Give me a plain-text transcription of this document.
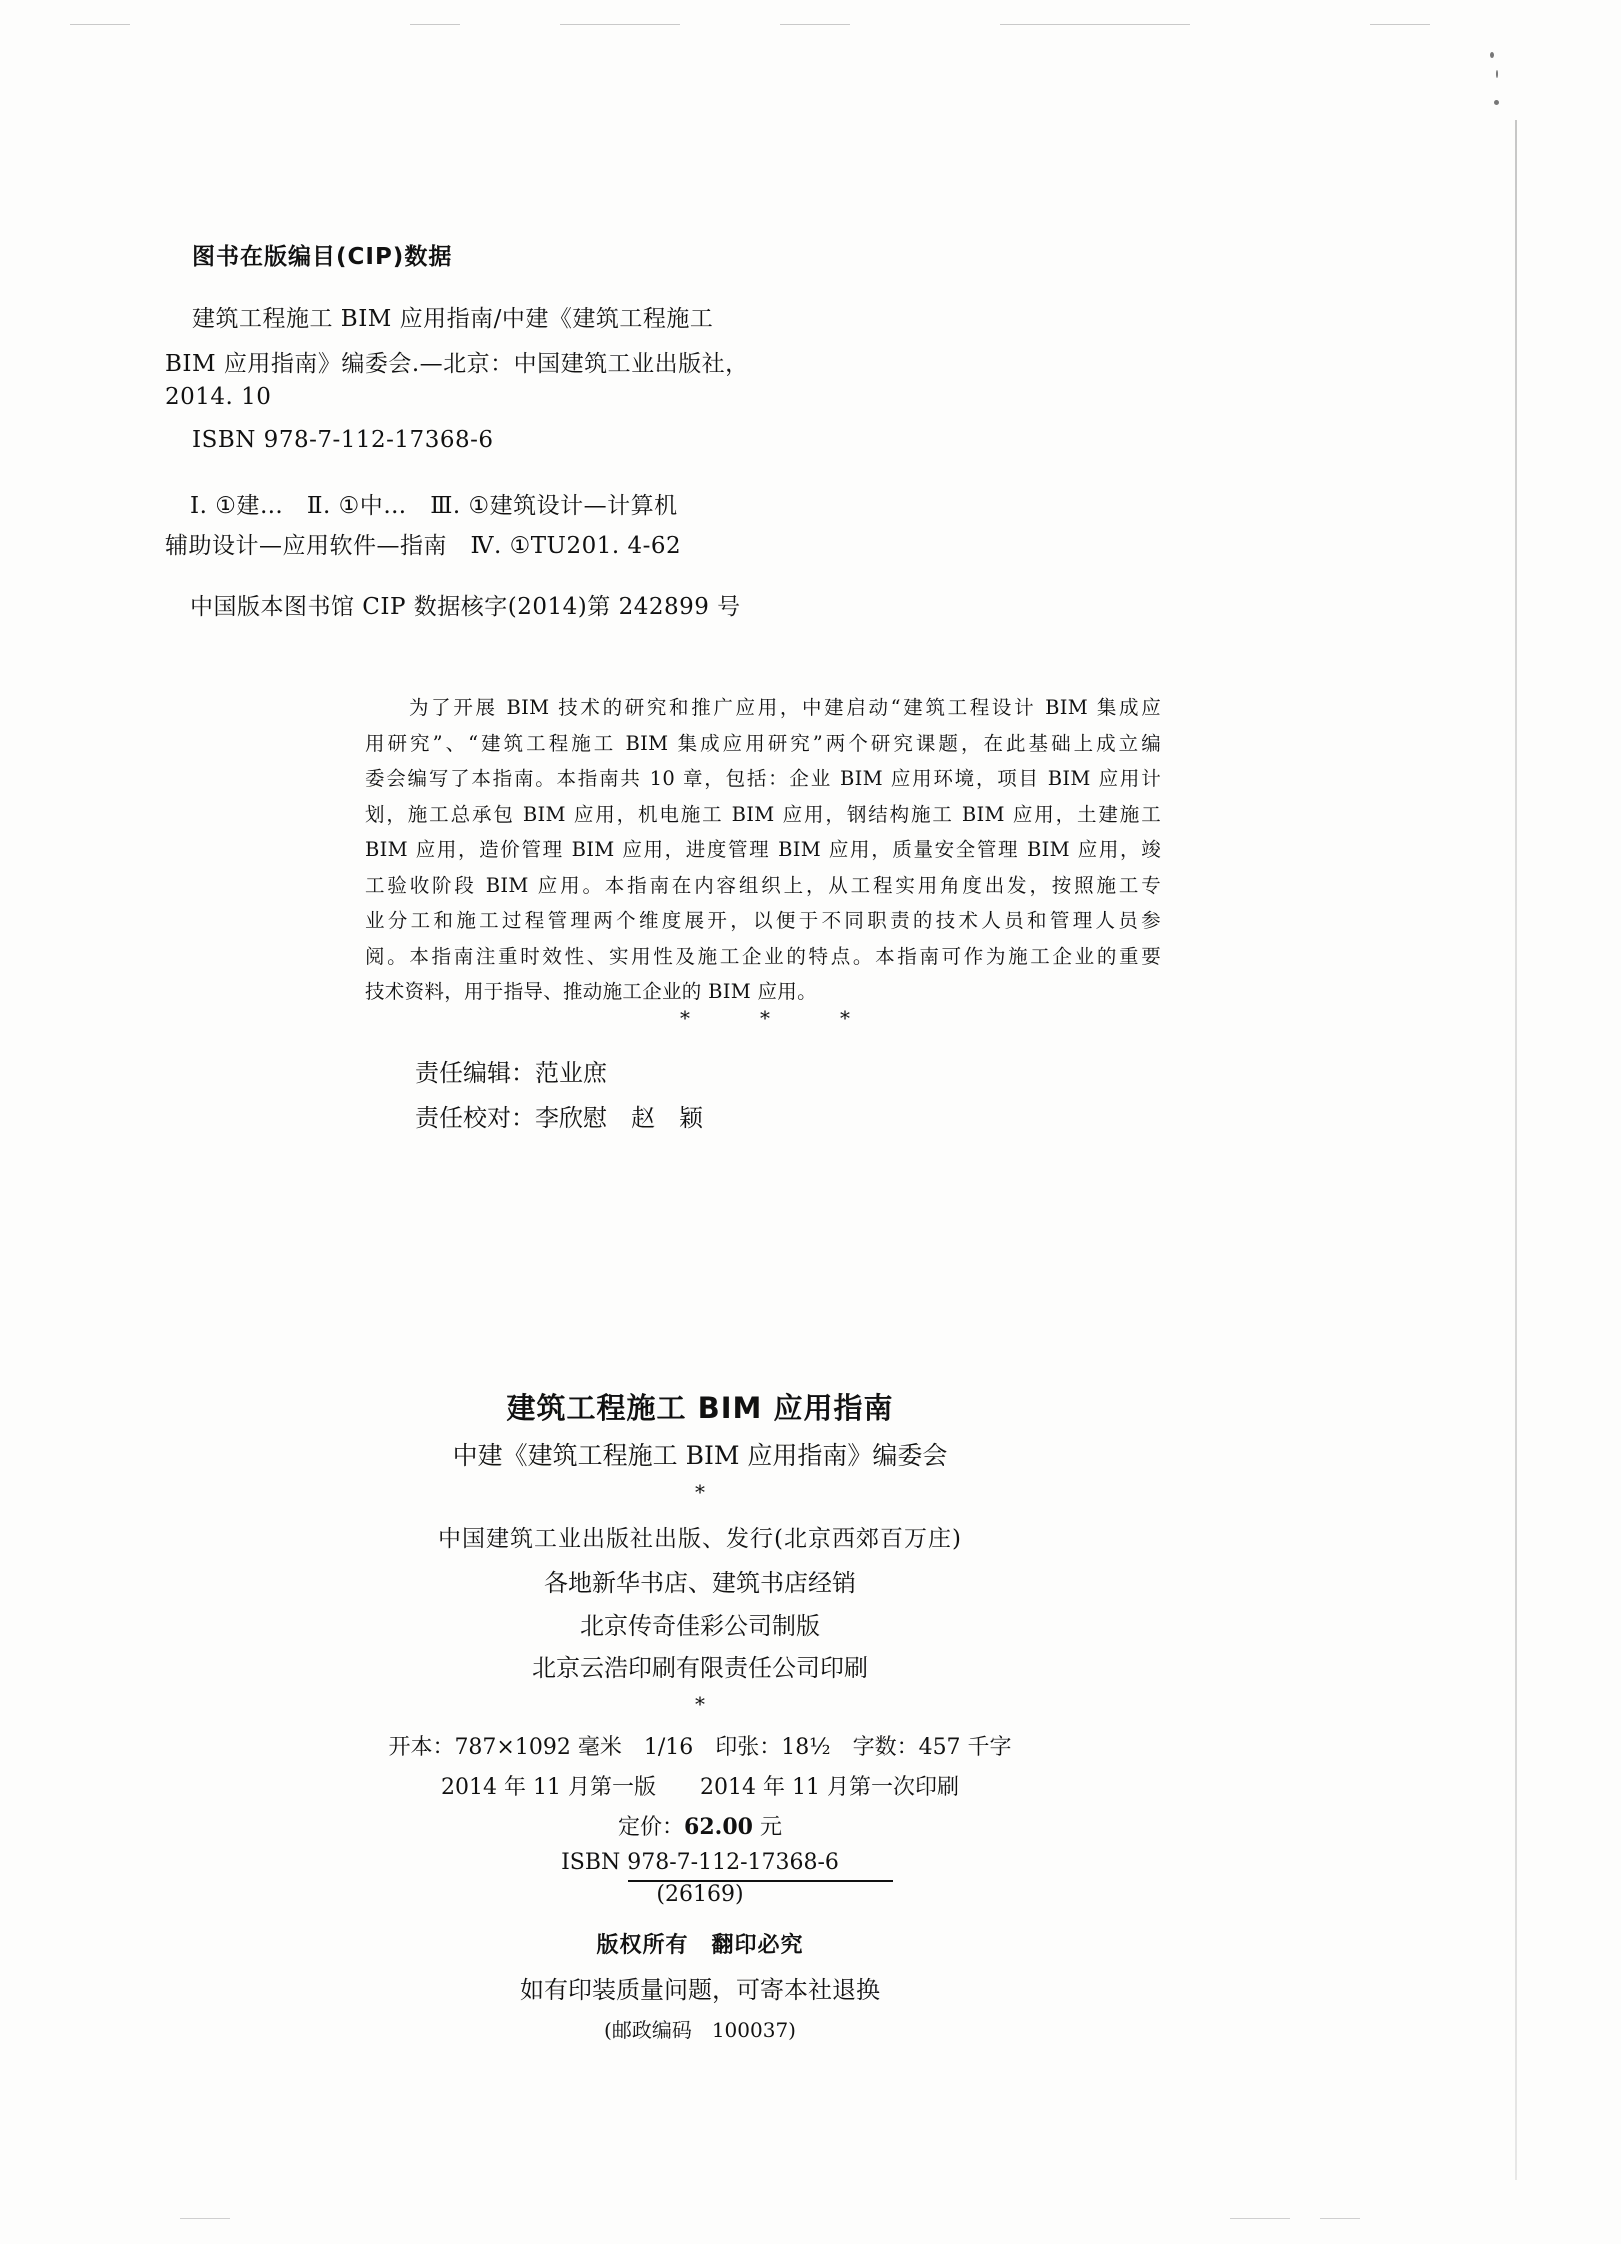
图书在版编目(CIP)数据
建筑工程施工 BIM 应用指南/中建《建筑工程施工
BIM 应用指南》编委会.—北京：中国建筑工业出版社，
2014. 10
ISBN 978-7-112-17368-6
Ⅰ. ①建…　Ⅱ. ①中…　Ⅲ. ①建筑设计—计算机
辅助设计—应用软件—指南　Ⅳ. ①TU201. 4-62
中国版本图书馆 CIP 数据核字(2014)第 242899 号
为了开展 BIM 技术的研究和推广应用，中建启动“建筑工程设计 BIM 集成应
用研究”、“建筑工程施工 BIM 集成应用研究”两个研究课题，在此基础上成立编
委会编写了本指南。本指南共 10 章，包括：企业 BIM 应用环境，项目 BIM 应用计
划，施工总承包 BIM 应用，机电施工 BIM 应用，钢结构施工 BIM 应用，土建施工
BIM 应用，造价管理 BIM 应用，进度管理 BIM 应用，质量安全管理 BIM 应用，竣
工验收阶段 BIM 应用。本指南在内容组织上，从工程实用角度出发，按照施工专
业分工和施工过程管理两个维度展开，以便于不同职责的技术人员和管理人员参
阅。本指南注重时效性、实用性及施工企业的特点。本指南可作为施工企业的重要
技术资料，用于指导、推动施工企业的 BIM 应用。
*	*	*
责任编辑：范业庶
责任校对：李欣慰　赵　颖
建筑工程施工 BIM 应用指南
中建《建筑工程施工 BIM 应用指南》编委会
*
中国建筑工业出版社出版、发行(北京西郊百万庄)
各地新华书店、建筑书店经销
北京传奇佳彩公司制版
北京云浩印刷有限责任公司印刷
*
开本：787×1092 毫米　1/16　印张：18½　字数：457 千字
2014 年 11 月第一版　　2014 年 11 月第一次印刷
定价：62.00 元
ISBN 978-7-112-17368-6
(26169)
版权所有　翻印必究
如有印装质量问题，可寄本社退换
(邮政编码　100037)
